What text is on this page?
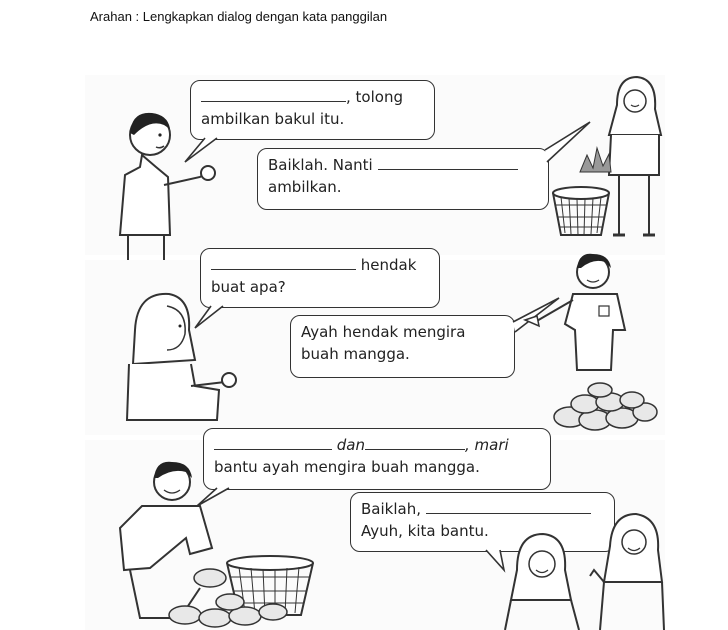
Arahan : Lengkapkan dialog dengan kata panggilan
, tolong
ambilkan bakul itu.
Baiklah. Nanti
ambilkan.
hendak
buat apa?
Ayah hendak mengira
buah mangga.
dan	, mari
bantu ayah mengira buah mangga.
Baiklah,
Ayuh, kita bantu.
